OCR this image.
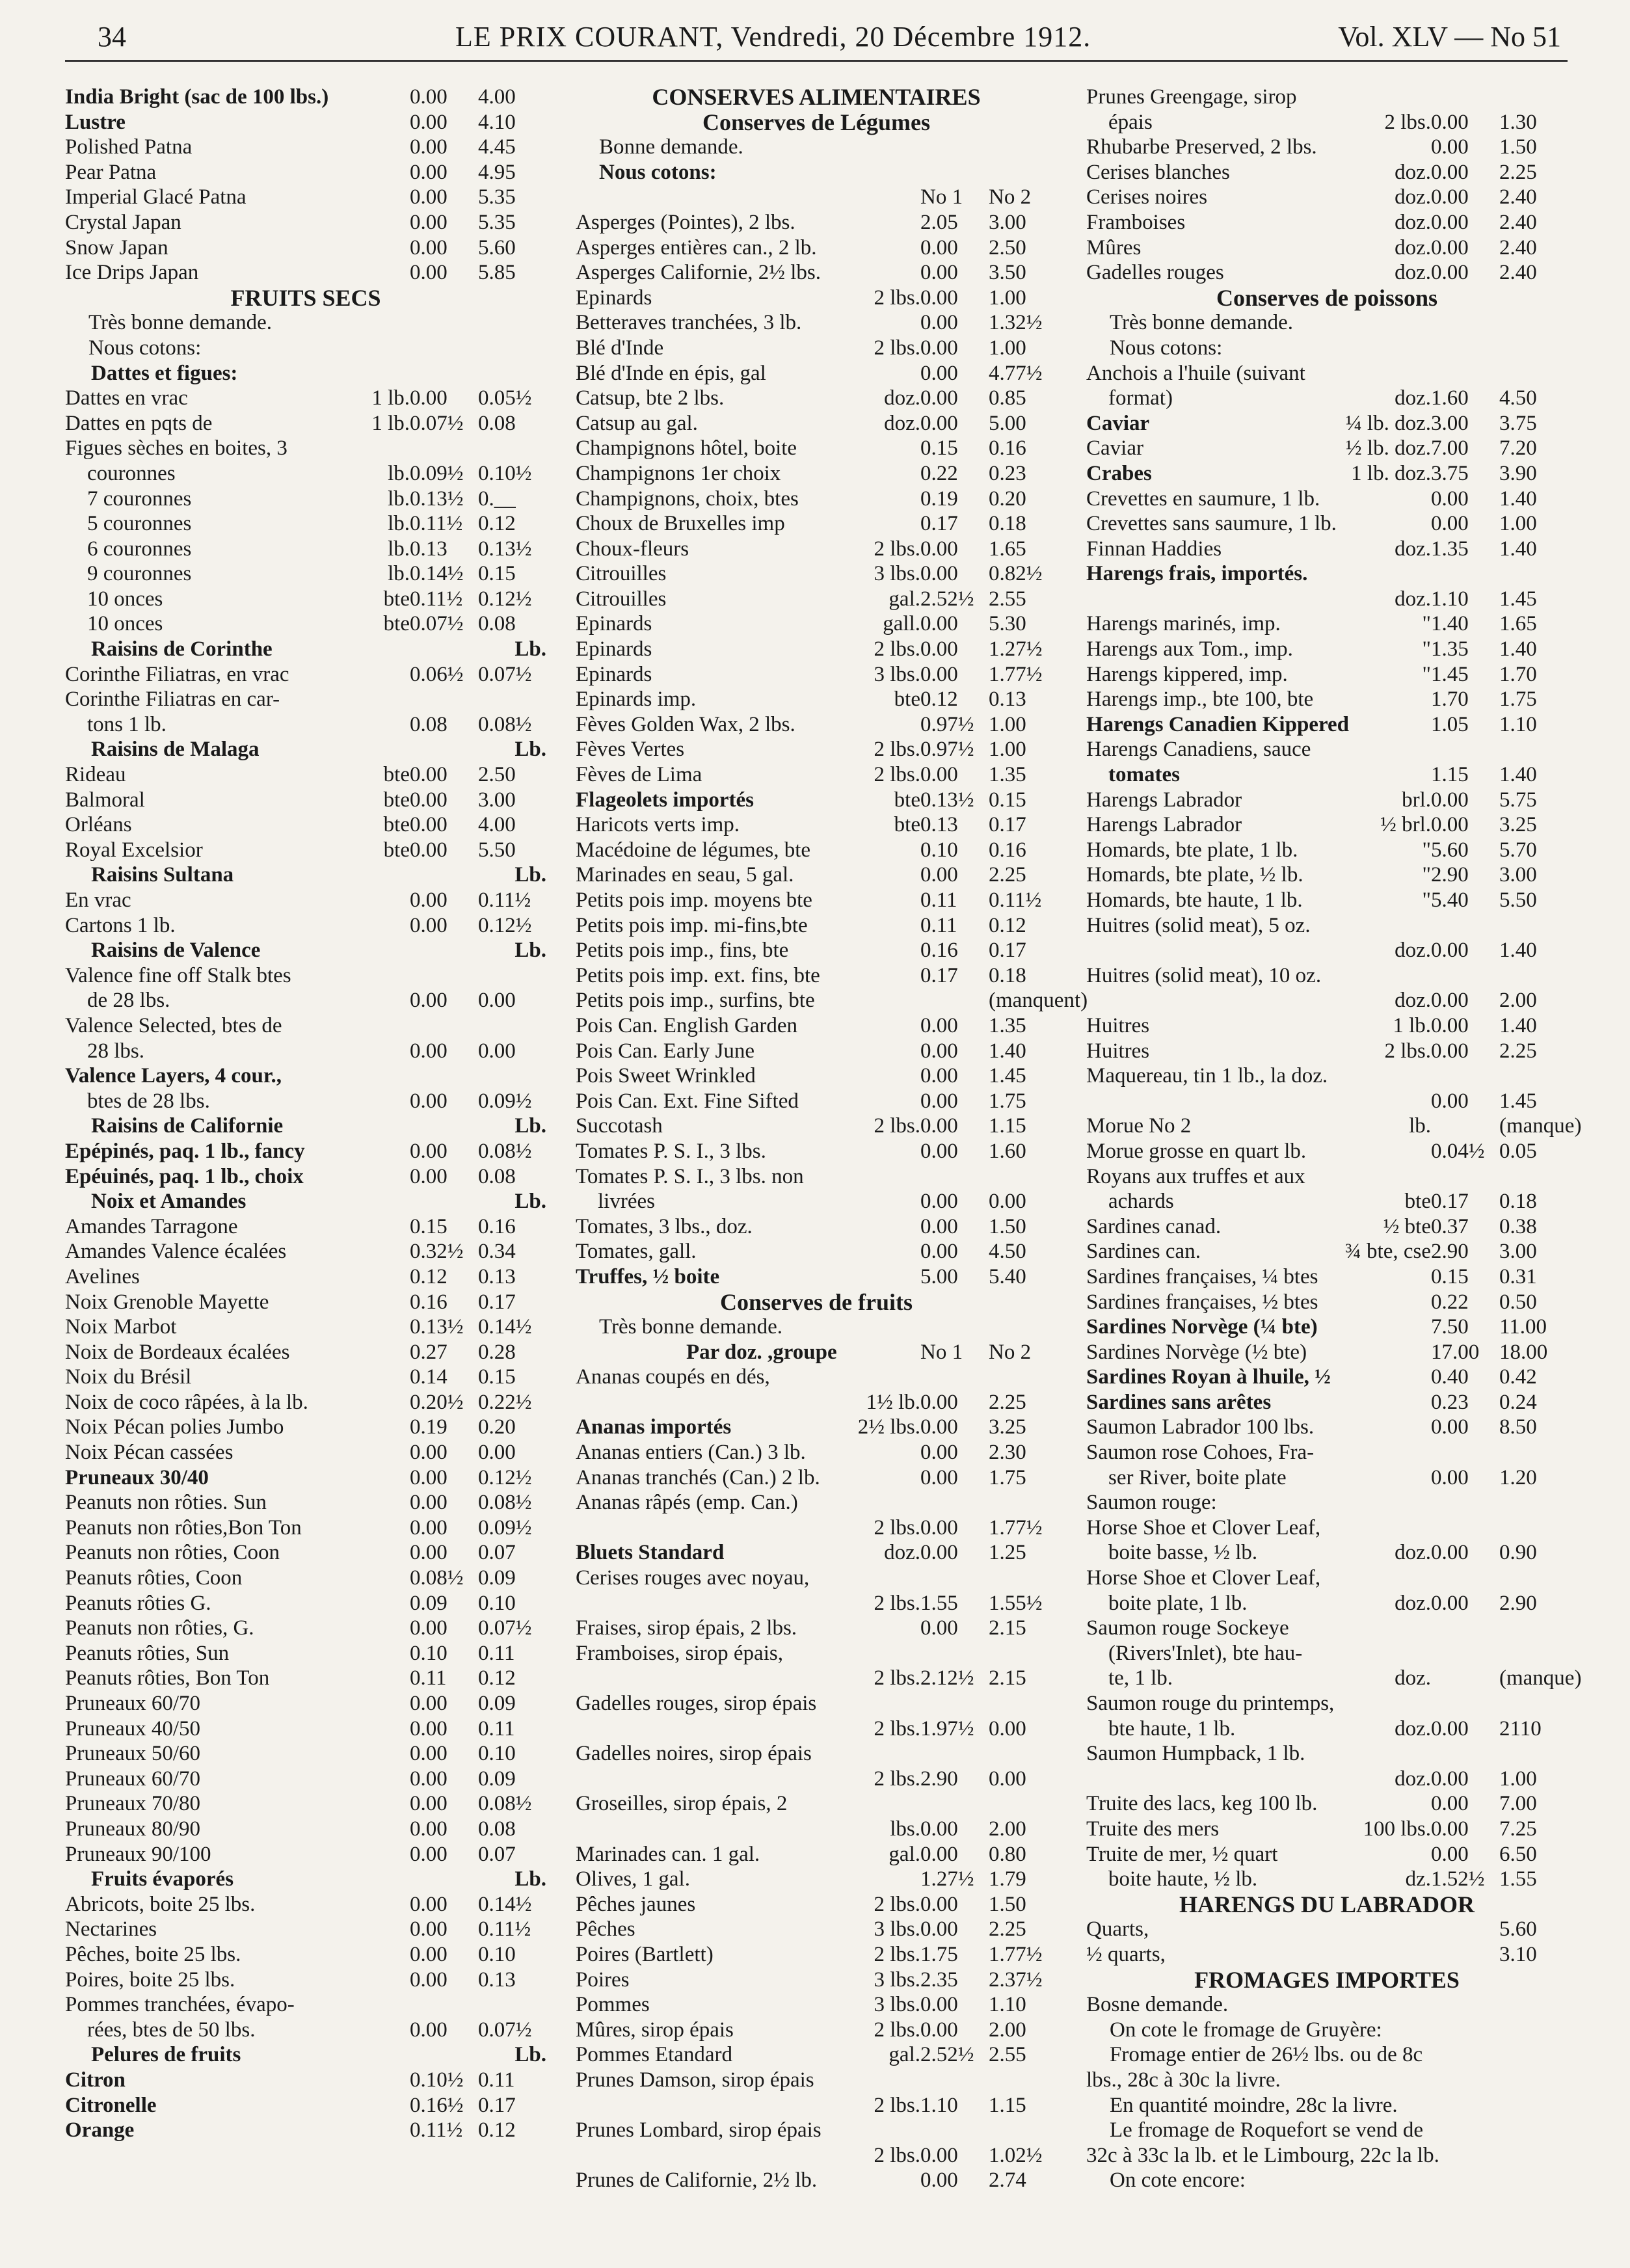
34	LE PRIX COURANT, Vendredi, 20 Décembre 1912.	Vol. XLV — No 51
India Bright (sac de 100 lbs.)	0.00	4.00
Lustre	0.00	4.10
Polished Patna	0.00	4.45
Pear Patna	0.00	4.95
Imperial Glacé Patna	0.00	5.35
Crystal Japan	0.00	5.35
Snow Japan	0.00	5.60
Ice Drips Japan	0.00	5.85
FRUITS SECS
Très bonne demande.
Nous cotons:
Dattes et figues:
Dattes en vrac	1 lb. 0.00	0.05½
Dattes en pqts de	1 lb. 0.07½ 0.08
Figues sèches en boites, 3
couronnes	lb. 0.09½ 0.10½
7 couronnes	lb. 0.13½ 0.__
5 couronnes	lb. 0.11½ 0.12
6 couronnes	lb. 0.13	0.13½
9 couronnes	lb. 0.14½ 0.15
10 onces	bte 0.11½ 0.12½
10 onces	bte 0.07½ 0.08
Raisins de Corinthe	Lb.
Corinthe Filiatras, en vrac	0.06½ 0.07½
Corinthe Filiatras en car-
tons 1 lb.	0.08	0.08½
Raisins de Malaga	Lb.
Rideau	bte 0.00	2.50
Balmoral	bte 0.00	3.00
Orléans	bte 0.00	4.00
Royal Excelsior	bte 0.00	5.50
Raisins Sultana	Lb.
En vrac	0.00	0.11½
Cartons 1 lb.	0.00	0.12½
Raisins de Valence	Lb.
Valence fine off Stalk btes
de 28 lbs.	0.00	0.00
Valence Selected, btes de
28 lbs.	0.00	0.00
Valence Layers, 4 cour.,
btes de 28 lbs.	0.00	0.09½
Raisins de Californie	Lb.
Epépinés, paq. 1 lb., fancy	0.00	0.08½
Epéuinés, paq. 1 lb., choix	0.00	0.08
Noix et Amandes	Lb.
Amandes Tarragone	0.15	0.16
Amandes Valence écalées	0.32½ 0.34
Avelines	0.12	0.13
Noix Grenoble Mayette	0.16	0.17
Noix Marbot	0.13½ 0.14½
Noix de Bordeaux écalées	0.27	0.28
Noix du Brésil	0.14	0.15
Noix de coco râpées, à la lb.	0.20½ 0.22½
Noix Pécan polies Jumbo	0.19	0.20
Noix Pécan cassées	0.00	0.00
Pruneaux 30/40	0.00	0.12½
Peanuts non rôties. Sun	0.00	0.08½
Peanuts non rôties,Bon Ton	0.00	0.09½
Peanuts non rôties, Coon	0.00	0.07
Peanuts rôties, Coon	0.08½ 0.09
Peanuts rôties G.	0.09	0.10
Peanuts non rôties, G.	0.00	0.07½
Peanuts rôties, Sun	0.10	0.11
Peanuts rôties, Bon Ton	0.11	0.12
Pruneaux 60/70	0.00	0.09
Pruneaux 40/50	0.00	0.11
Pruneaux 50/60	0.00	0.10
Pruneaux 60/70	0.00	0.09
Pruneaux 70/80	0.00	0.08½
Pruneaux 80/90	0.00	0.08
Pruneaux 90/100	0.00	0.07
Fruits évaporés	Lb.
Abricots, boite 25 lbs.	0.00	0.14½
Nectarines	0.00	0.11½
Pêches, boite 25 lbs.	0.00	0.10
Poires, boite 25 lbs.	0.00	0.13
Pommes tranchées, évapo-
rées, btes de 50 lbs.	0.00	0.07½
Pelures de fruits	Lb.
Citron	0.10½ 0.11
Citronelle	0.16½ 0.17
Orange	0.11½ 0.12
CONSERVES ALIMENTAIRES
Conserves de Légumes
Bonne demande.
Nous cotons:
No 1	No 2
Asperges (Pointes), 2 lbs.	2.05	3.00
Asperges entières can., 2 lb.	0.00	2.50
Asperges Californie, 2½ lbs.	0.00	3.50
Epinards	2 lbs. 0.00	1.00
Betteraves tranchées, 3 lb.	0.00	1.32½
Blé d'Inde	2 lbs. 0.00	1.00
Blé d'Inde en épis, gal	0.00	4.77½
Catsup, bte 2 lbs.	doz. 0.00	0.85
Catsup au gal.	doz. 0.00	5.00
Champignons hôtel, boite	0.15	0.16
Champignons 1er choix	0.22	0.23
Champignons, choix, btes	0.19	0.20
Choux de Bruxelles imp	0.17	0.18
Choux-fleurs	2 lbs. 0.00	1.65
Citrouilles	3 lbs. 0.00	0.82½
Citrouilles	gal. 2.52½ 2.55
Epinards	gall. 0.00	5.30
Epinards	2 lbs. 0.00	1.27½
Epinards	3 lbs. 0.00	1.77½
Epinards imp.	bte 0.12	0.13
Fèves Golden Wax, 2 lbs.	0.97½ 1.00
Fèves Vertes	2 lbs. 0.97½ 1.00
Fèves de Lima	2 lbs. 0.00	1.35
Flageolets importés	bte 0.13½ 0.15
Haricots verts imp.	bte 0.13	0.17
Macédoine de légumes, bte	0.10	0.16
Marinades en seau, 5 gal.	0.00	2.25
Petits pois imp. moyens bte	0.11	0.11½
Petits pois imp. mi-fins,bte	0.11	0.12
Petits pois imp., fins, bte	0.16	0.17
Petits pois imp. ext. fins, bte	0.17	0.18
Petits pois imp., surfins, bte	(manquent)
Pois Can. English Garden	0.00	1.35
Pois Can. Early June	0.00	1.40
Pois Sweet Wrinkled	0.00	1.45
Pois Can. Ext. Fine Sifted	0.00	1.75
Succotash	2 lbs. 0.00	1.15
Tomates P. S. I., 3 lbs.	0.00	1.60
Tomates P. S. I., 3 lbs. non
livrées	0.00	0.00
Tomates, 3 lbs., doz.	0.00	1.50
Tomates, gall.	0.00	4.50
Truffes, ½ boite	5.00	5.40
Conserves de fruits
Très bonne demande.
Par doz. ,groupe	No 1	No 2
Ananas coupés en dés,
1½ lb. 0.00	2.25
Ananas importés	2½ lbs. 0.00	3.25
Ananas entiers (Can.) 3 lb.	0.00	2.30
Ananas tranchés (Can.) 2 lb.	0.00	1.75
Ananas râpés (emp. Can.)
2 lbs. 0.00	1.77½
Bluets Standard	doz. 0.00	1.25
Cerises rouges avec noyau,
2 lbs. 1.55	1.55½
Fraises, sirop épais, 2 lbs.	0.00	2.15
Framboises, sirop épais,
2 lbs. 2.12½ 2.15
Gadelles rouges, sirop épais
2 lbs. 1.97½ 0.00
Gadelles noires, sirop épais
2 lbs. 2.90	0.00
Groseilles, sirop épais, 2
lbs. 0.00	2.00
Marinades can. 1 gal.	gal. 0.00	0.80
Olives, 1 gal.	1.27½ 1.79
Pêches jaunes	2 lbs. 0.00	1.50
Pêches	3 lbs. 0.00	2.25
Poires (Bartlett)	2 lbs. 1.75	1.77½
Poires	3 lbs. 2.35	2.37½
Pommes	3 lbs. 0.00	1.10
Mûres, sirop épais	2 lbs. 0.00	2.00
Pommes Etandard	gal. 2.52½ 2.55
Prunes Damson, sirop épais
2 lbs. 1.10	1.15
Prunes Lombard, sirop épais
2 lbs. 0.00	1.02½
Prunes de Californie, 2½ lb.	0.00	2.74
Prunes Greengage, sirop
épais	2 lbs. 0.00	1.30
Rhubarbe Preserved, 2 lbs.	0.00	1.50
Cerises blanches	doz. 0.00	2.25
Cerises noires	doz. 0.00	2.40
Framboises	doz. 0.00	2.40
Mûres	doz. 0.00	2.40
Gadelles rouges	doz. 0.00	2.40
Conserves de poissons
Très bonne demande.
Nous cotons:
Anchois a l'huile (suivant
format)	doz. 1.60	4.50
Caviar	¼ lb. doz. 3.00	3.75
Caviar	½ lb. doz. 7.00	7.20
Crabes	1 lb. doz. 3.75	3.90
Crevettes en saumure, 1 lb.	0.00	1.40
Crevettes sans saumure, 1 lb.	0.00	1.00
Finnan Haddies	doz. 1.35	1.40
Harengs frais, importés.
doz. 1.10	1.45
Harengs marinés, imp.	" 1.40	1.65
Harengs aux Tom., imp.	" 1.35	1.40
Harengs kippered, imp.	" 1.45	1.70
Harengs imp., bte 100, bte	1.70	1.75
Harengs Canadien Kippered	1.05	1.10
Harengs Canadiens, sauce
tomates	1.15	1.40
Harengs Labrador	brl. 0.00	5.75
Harengs Labrador	½ brl. 0.00	3.25
Homards, bte plate, 1 lb.	" 5.60	5.70
Homards, bte plate, ½ lb.	" 2.90	3.00
Homards, bte haute, 1 lb.	" 5.40	5.50
Huitres (solid meat), 5 oz.
doz. 0.00	1.40
Huitres (solid meat), 10 oz.
doz. 0.00	2.00
Huitres	1 lb. 0.00	1.40
Huitres	2 lbs. 0.00	2.25
Maquereau, tin 1 lb., la doz.
0.00	1.45
Morue No 2	lb.	(manque)
Morue grosse en quart lb.	0.04½ 0.05
Royans aux truffes et aux
achards	bte 0.17	0.18
Sardines canad.	½ bte 0.37	0.38
Sardines can.	¾ bte, cse 2.90	3.00
Sardines françaises, ¼ btes	0.15	0.31
Sardines françaises, ½ btes	0.22	0.50
Sardines Norvège (¼ bte)	7.50	11.00
Sardines Norvège (½ bte)	17.00 18.00
Sardines Royan à lhuile, ½	0.40	0.42
Sardines sans arêtes	0.23	0.24
Saumon Labrador 100 lbs.	0.00	8.50
Saumon rose Cohoes, Fra-
ser River, boite plate	0.00	1.20
Saumon rouge:
Horse Shoe et Clover Leaf,
boite basse, ½ lb.	doz. 0.00	0.90
Horse Shoe et Clover Leaf,
boite plate, 1 lb.	doz. 0.00	2.90
Saumon rouge Sockeye
(Rivers'Inlet), bte hau-
te, 1 lb.	doz.	(manque)
Saumon rouge du printemps,
bte haute, 1 lb.	doz. 0.00	2110
Saumon Humpback, 1 lb.
doz. 0.00	1.00
Truite des lacs, keg 100 lb.	0.00	7.00
Truite des mers	100 lbs. 0.00	7.25
Truite de mer, ½ quart	0.00	6.50
boite haute, ½ lb.	dz. 1.52½ 1.55
HARENGS DU LABRADOR
Quarts,	5.60
½ quarts,	3.10
FROMAGES IMPORTES
Bosne demande.
On cote le fromage de Gruyère:
Fromage entier de 26½ lbs. ou de 8c
lbs., 28c à 30c la livre.
En quantité moindre, 28c la livre.
Le fromage de Roquefort se vend de
32c à 33c la lb. et le Limbourg, 22c la lb.
On cote encore:
